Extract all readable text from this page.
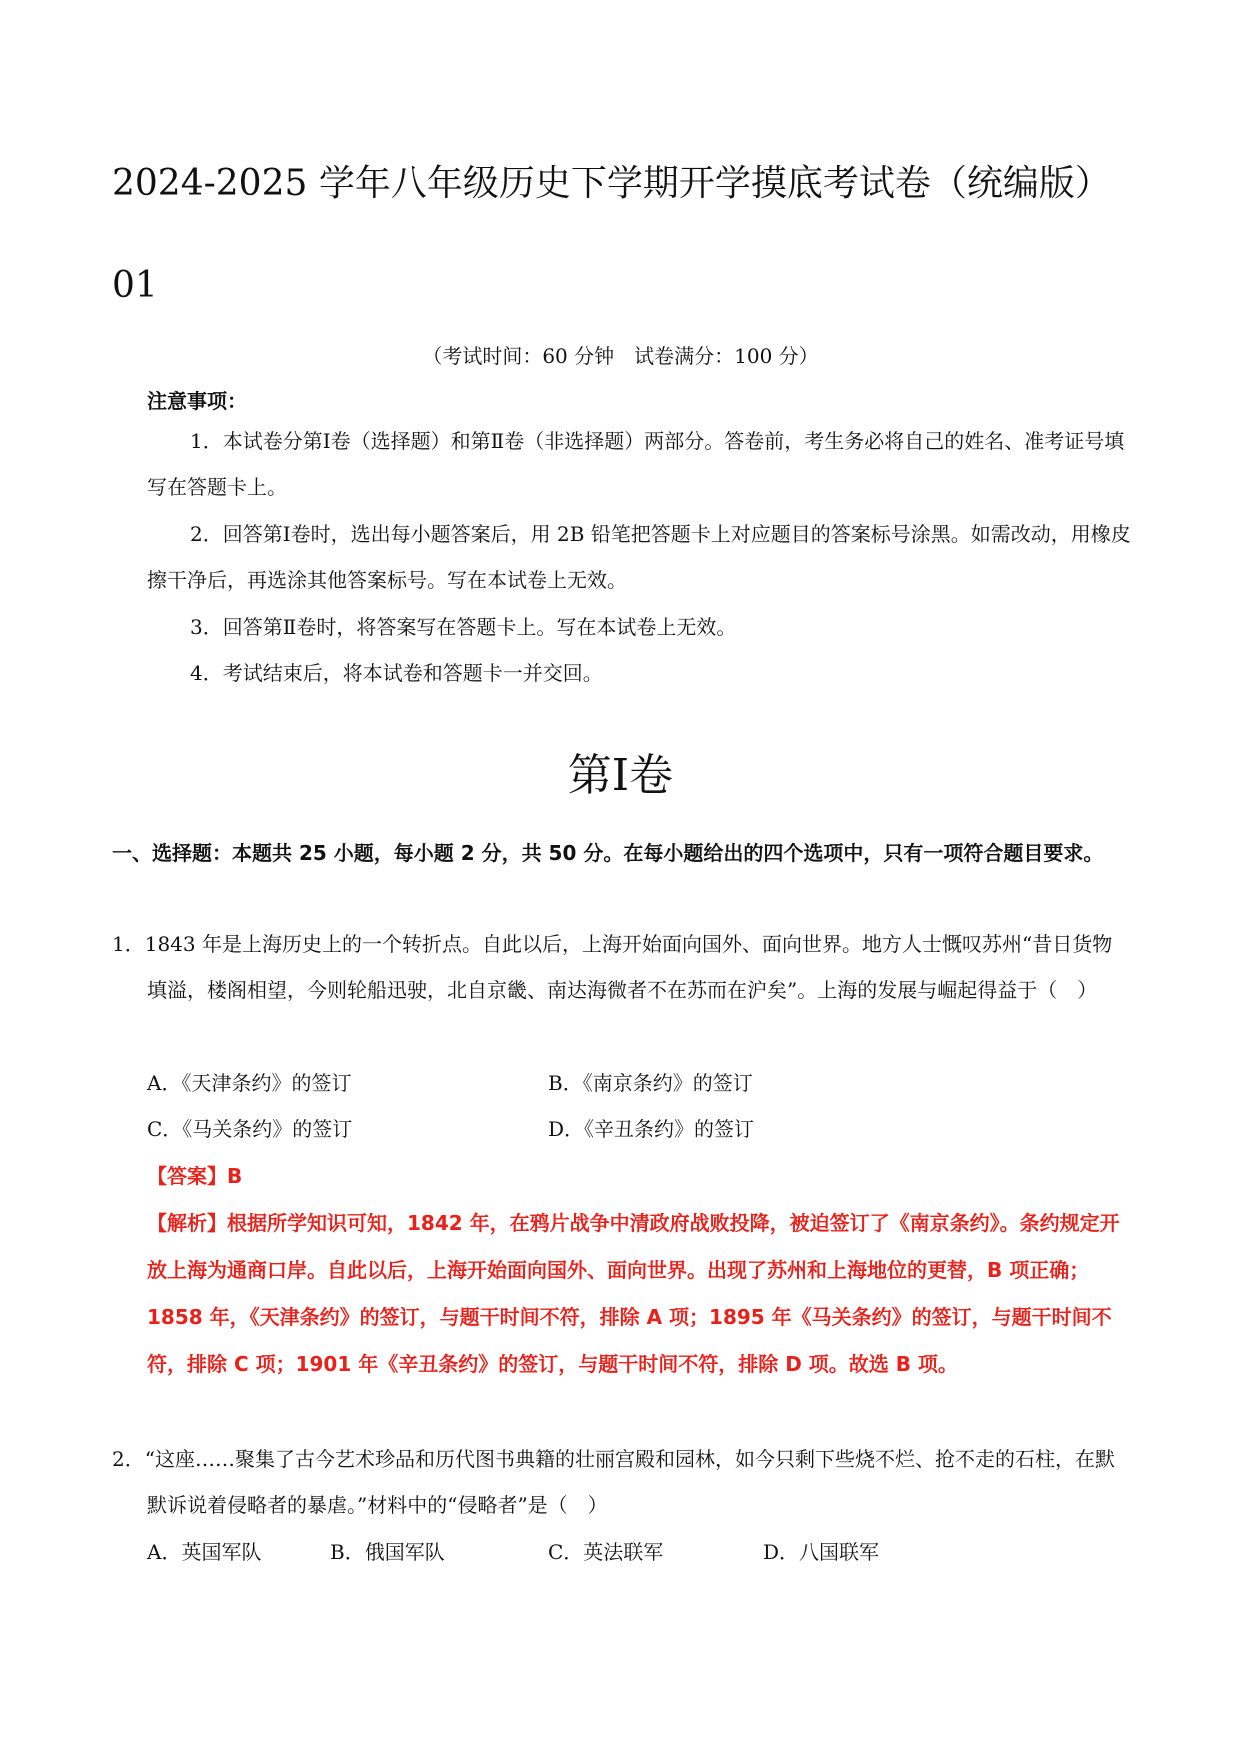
2024-2025 学年八年级历史下学期开学摸底考试卷（统编版）
01
（考试时间：60 分钟　试卷满分：100 分）
注意事项：
1．本试卷分第Ⅰ卷（选择题）和第Ⅱ卷（非选择题）两部分。答卷前，考生务必将自己的姓名、准考证号填写在答题卡上。
2．回答第Ⅰ卷时，选出每小题答案后，用 2B 铅笔把答题卡上对应题目的答案标号涂黑。如需改动，用橡皮擦干净后，再选涂其他答案标号。写在本试卷上无效。
3．回答第Ⅱ卷时，将答案写在答题卡上。写在本试卷上无效。
4．考试结束后，将本试卷和答题卡一并交回。
第Ⅰ卷
一、选择题：本题共 25 小题，每小题 2 分，共 50 分。在每小题给出的四个选项中，只有一项符合题目要求。
1．1843 年是上海历史上的一个转折点。自此以后，上海开始面向国外、面向世界。地方人士慨叹苏州“昔日货物填溢，楼阁相望，今则轮船迅驶，北自京畿、南达海微者不在苏而在沪矣”。上海的发展与崛起得益于（　）
A．《天津条约》的签订	B．《南京条约》的签订
C．《马关条约》的签订	D．《辛丑条约》的签订
【答案】B
【解析】根据所学知识可知，1842 年，在鸦片战争中清政府战败投降，被迫签订了《南京条约》。条约规定开放上海为通商口岸。自此以后，上海开始面向国外、面向世界。出现了苏州和上海地位的更替，B 项正确；1858 年，《天津条约》的签订，与题干时间不符，排除 A 项；1895 年《马关条约》的签订，与题干时间不符，排除 C 项；1901 年《辛丑条约》的签订，与题干时间不符，排除 D 项。故选 B 项。
2．“这座……聚集了古今艺术珍品和历代图书典籍的壮丽宫殿和园林，如今只剩下些烧不烂、抢不走的石柱，在默默诉说着侵略者的暴虐。”材料中的“侵略者”是（　）
A．英国军队	B．俄国军队	C．英法联军	D．八国联军
